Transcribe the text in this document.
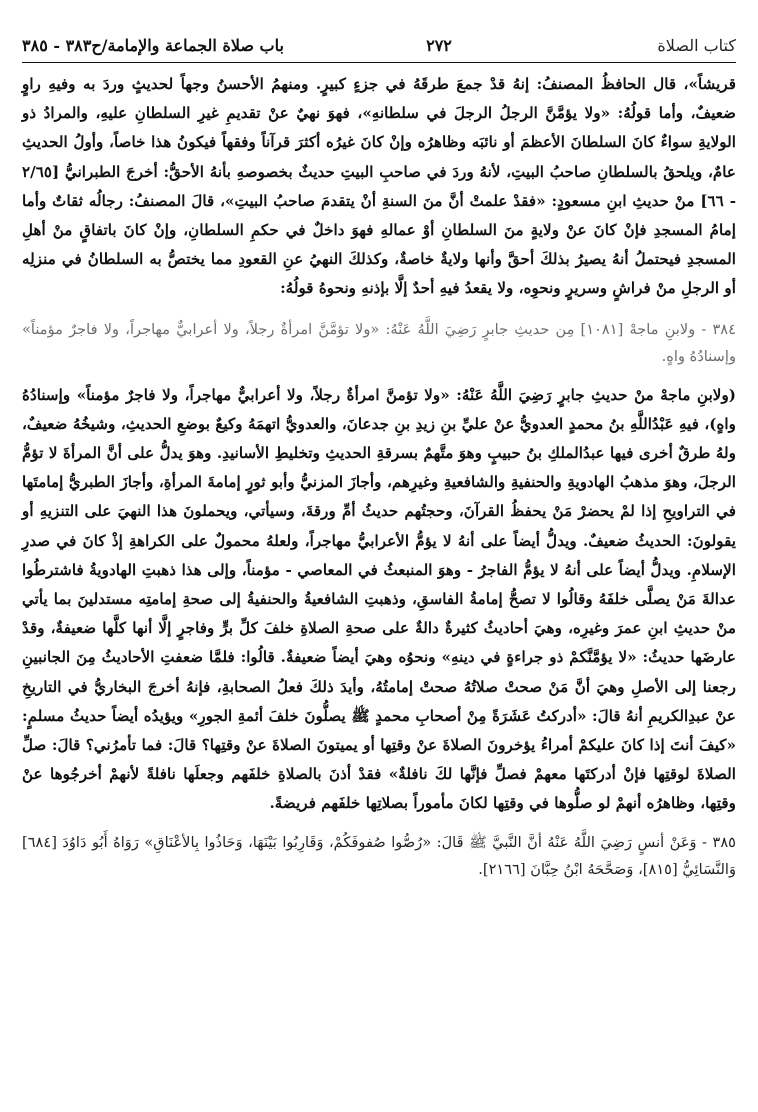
باب صلاة الجماعة والإمامة/ح٣٨٣ - ٣٨٥	٢٧٢	كتاب الصلاة

قريشاً»، قال الحافظُ المصنفُ: إنهُ قدْ جمعَ طرقَهُ في جزءٍ كبيرٍ. ومنهمُ الأحسنُ وجهاً لحديثٍ وردَ به وفيهِ راوٍ ضعيفٌ، وأما قولُهُ: «ولا يؤمَّنَّ الرجلُ الرجلَ في سلطانهِ»، فهوَ نهيٌ عنْ تقديمِ غيرِ السلطانِ عليهِ، والمرادُ ذو الولايةِ سواءٌ كانَ السلطانَ الأعظمَ أو نائبَه وظاهرُه وإنْ كانَ غيرُه أكثرَ قرآناً وفقهاً فيكونُ هذا خاصاً، وأولُ الحديثِ عامٌ، ويلحقُ بالسلطانِ صاحبُ البيتِ، لأنهُ وردَ في صاحبِ البيتِ حديثٌ بخصوصهِ بأنهُ الأحقُّ: أخرجَ الطبرانيُّ [٢/٦٥ - ٦٦] منْ حديثِ ابنِ مسعودٍ: «فقدْ علمتْ أنَّ منَ السنةِ أنْ يتقدمَ صاحبُ البيتِ»، قالَ المصنفُ: رجالُه ثقاتٌ وأما إمامُ المسجدِ فإنْ كانَ عنْ ولايةٍ منَ السلطانِ أوْ عمالهِ فهوَ داخلٌ في حكمِ السلطانِ، وإنْ كانَ باتفاقٍ منْ أهلِ المسجدِ فيحتملُ أنهُ يصيرُ بذلكَ أحقَّ وأنها ولايةٌ خاصةٌ، وكذلكَ النهيُ عنِ القعودِ مما يختصُّ به السلطانُ في منزلِه أو الرجلِ منْ فراشٍ وسريرٍ ونحوِه، ولا يقعدُ فيهِ أحدٌ إلَّا بإذنهِ ونحوهُ قولُهُ:

٣٨٤ - ولابنِ ماجهْ [١٠٨١] مِن حديثِ جابرٍ رَضِيَ اللَّهُ عَنْهُ: «ولا تؤمَّنَّ امرأةٌ رجلاً، ولا أعرابيٌّ مهاجراً، ولا فاجرٌ مؤمناً» وإسنادُهُ واهٍ.

(ولابنِ ماجهْ منْ حديثِ جابرٍ رَضِيَ اللَّهُ عَنْهُ: «ولا تؤمنَّ امرأةٌ رجلاً، ولا أعرابيٌّ مهاجراً، ولا فاجرٌ مؤمناً» وإسنادُهُ واهٍ)، فيهِ عَبْدُاللَّهِ بنُ محمدٍ العدويُّ عنْ عليِّ بنِ زيدِ بنِ جدعانَ، والعدويُّ اتهمَهُ وكيعٌ بوضعِ الحديثِ، وشيخُهُ ضعيفٌ، ولهُ طرقٌ أخرى فيها عبدُالملكِ بنُ حبيبٍ وهوَ متَّهمٌ بسرقةِ الحديثِ وتخليطِ الأسانيدِ. وهوَ يدلُّ على أنَّ المرأةَ لا تؤمُّ الرجلَ، وهوَ مذهبُ الهادويةِ والحنفيةِ والشافعيةِ وغيرِهم، وأجازَ المزنيُّ وأبو ثورٍ إمامةَ المرأةِ، وأجازَ الطبريُّ إمامتَها في التراويحِ إذا لمْ يحضرْ مَنْ يحفظُ القرآنَ، وحجتُهم حديثُ أمِّ ورقةَ، وسيأتي، ويحملونَ هذا النهيَ على التنزيهِ أو يقولونَ: الحديثُ ضعيفٌ. ويدلُّ أيضاً على أنهُ لا يؤمُّ الأعرابيُّ مهاجراً، ولعلهُ محمولٌ على الكراهةِ إذْ كانَ في صدرِ الإسلامِ. ويدلُّ أيضاً على أنهُ لا يؤمُّ الفاجرُ - وهوَ المنبعثُ في المعاصي - مؤمناً، وإلى هذا ذهبتِ الهادويةُ فاشترطُوا عدالةَ مَنْ يصلَّى خلفَهُ وقالُوا لا تصحُّ إمامةُ الفاسقِ، وذهبتِ الشافعيةُ والحنفيةُ إلى صحةِ إمامتِه مستدلينَ بما يأتي منْ حديثِ ابنِ عمرَ وغيرِه، وهيَ أحاديثُ كثيرةٌ دالةٌ على صحةِ الصلاةِ خلفَ كلِّ برٍّ وفاجرٍ إلَّا أنها كلَّها ضعيفةٌ، وقدْ عارضَها حديثُ: «لا يؤمَّنَّكمْ ذو جراءةٍ في دينهِ» ونحوُه وهيَ أيضاً ضعيفةٌ. قالُوا: فلمَّا ضعفتِ الأحاديثُ مِنَ الجانبينِ رجعنا إلى الأصلِ وهيَ أنَّ مَنْ صحتْ صلاتُهُ صحتْ إمامتُهُ، وأيدَ ذلكَ فعلُ الصحابةِ، فإنهُ أخرجَ البخاريُّ في التاريخِ عنْ عبدِالكريمِ أنهُ قالَ: «أدركتُ عَشَرَةً مِنْ أصحابِ محمدٍ ﷺ يصلُّونَ خلفَ أئمةِ الجورِ» ويؤيدُه أيضاً حديثُ مسلمٍ: «كيفَ أنتَ إذا كانَ عليكمْ أمراءُ يؤخرونَ الصلاةَ عنْ وقتِها أو يميتونَ الصلاةَ عنْ وقتِها؟ قالَ: فما تأمرُني؟ قالَ: صلِّ الصلاةَ لوقتِها فإنْ أدركتَها معهمْ فصلِّ فإنَّها لكَ نافلةٌ» فقدْ أذنَ بالصلاةِ خلفَهم وجعلَها نافلةً لأنهمْ أخرجُوها عنْ وقتِها، وظاهرُه أنهمْ لو صلُّوها في وقتِها لكانَ مأموراً بصلاتِها خلفَهم فريضةً.

٣٨٥ - وَعَنْ أنسٍ رَضِيَ اللَّهُ عَنْهُ أنَّ النَّبيَّ ﷺ قَالَ: «رُصُّوا صُفوفَكُمْ، وَقَارِبُوا بَيْنَهَا، وَحَاذُوا بِالأعْنَاقِ» رَوَاهُ أَبُو دَاوُدَ [٦٨٤] وَالنَّسَائِيُّ [٨١٥]، وَصَحَّحَهُ ابْنُ حِبَّانَ [٢١٦٦].
